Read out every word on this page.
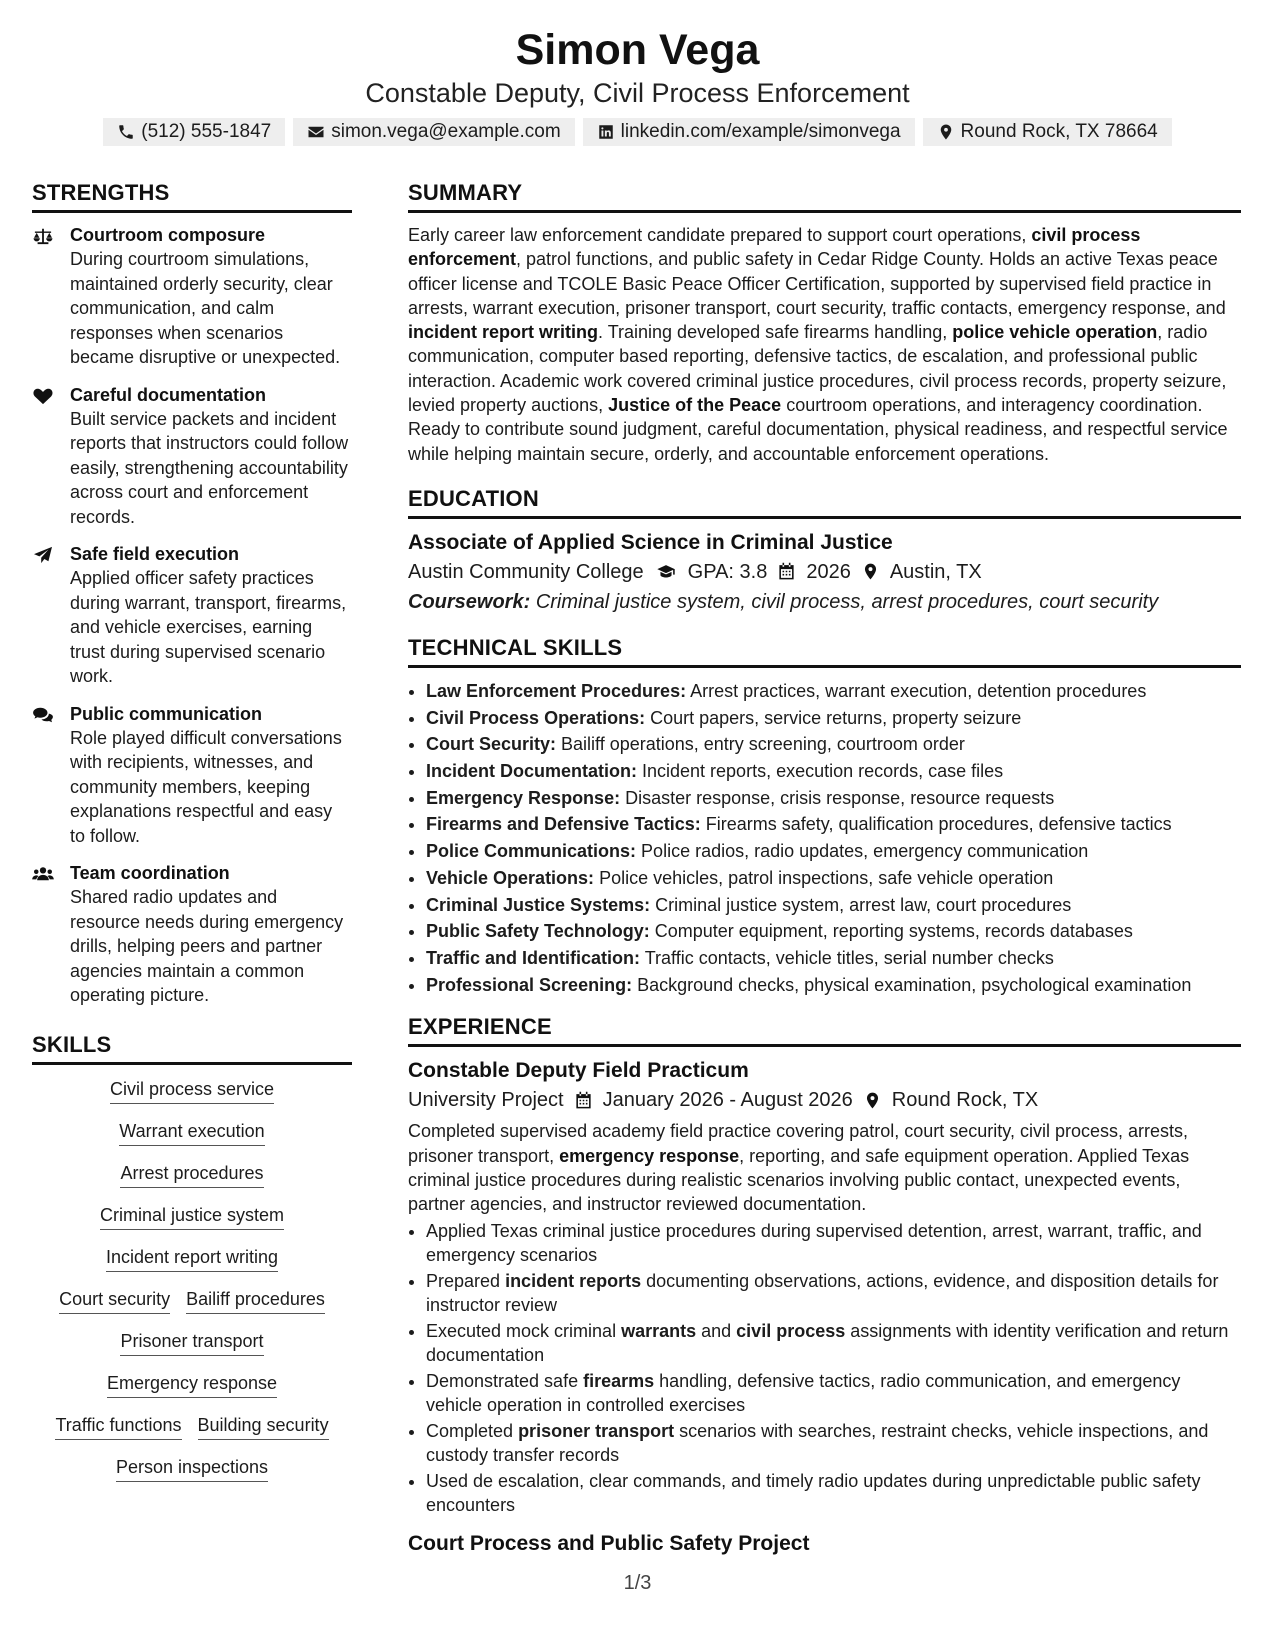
Simon Vega
Constable Deputy, Civil Process Enforcement
(512) 555-1847	simon.vega@example.com	linkedin.com/example/simonvega	Round Rock, TX 78664
STRENGTHS
Courtroom composure
During courtroom simulations, maintained orderly security, clear communication, and calm responses when scenarios became disruptive or unexpected.
Careful documentation
Built service packets and incident reports that instructors could follow easily, strengthening accountability across court and enforcement records.
Safe field execution
Applied officer safety practices during warrant, transport, firearms, and vehicle exercises, earning trust during supervised scenario work.
Public communication
Role played difficult conversations with recipients, witnesses, and community members, keeping explanations respectful and easy to follow.
Team coordination
Shared radio updates and resource needs during emergency drills, helping peers and partner agencies maintain a common operating picture.
SKILLS
Civil process service
Warrant execution
Arrest procedures
Criminal justice system
Incident report writing
Court security Bailiff procedures
Prisoner transport
Emergency response
Traffic functions Building security
Person inspections
SUMMARY
Early career law enforcement candidate prepared to support court operations, civil process enforcement, patrol functions, and public safety in Cedar Ridge County. Holds an active Texas peace officer license and TCOLE Basic Peace Officer Certification, supported by supervised field practice in arrests, warrant execution, prisoner transport, court security, traffic contacts, emergency response, and incident report writing. Training developed safe firearms handling, police vehicle operation, radio communication, computer based reporting, defensive tactics, de escalation, and professional public interaction. Academic work covered criminal justice procedures, civil process records, property seizure, levied property auctions, Justice of the Peace courtroom operations, and interagency coordination. Ready to contribute sound judgment, careful documentation, physical readiness, and respectful service while helping maintain secure, orderly, and accountable enforcement operations.
EDUCATION
Associate of Applied Science in Criminal Justice
Austin Community College GPA: 3.8 2026 Austin, TX
Coursework: Criminal justice system, civil process, arrest procedures, court security
TECHNICAL SKILLS
• Law Enforcement Procedures: Arrest practices, warrant execution, detention procedures
• Civil Process Operations: Court papers, service returns, property seizure
• Court Security: Bailiff operations, entry screening, courtroom order
• Incident Documentation: Incident reports, execution records, case files
• Emergency Response: Disaster response, crisis response, resource requests
• Firearms and Defensive Tactics: Firearms safety, qualification procedures, defensive tactics
• Police Communications: Police radios, radio updates, emergency communication
• Vehicle Operations: Police vehicles, patrol inspections, safe vehicle operation
• Criminal Justice Systems: Criminal justice system, arrest law, court procedures
• Public Safety Technology: Computer equipment, reporting systems, records databases
• Traffic and Identification: Traffic contacts, vehicle titles, serial number checks
• Professional Screening: Background checks, physical examination, psychological examination
EXPERIENCE
Constable Deputy Field Practicum
University Project January 2026 - August 2026 Round Rock, TX
Completed supervised academy field practice covering patrol, court security, civil process, arrests, prisoner transport, emergency response, reporting, and safe equipment operation. Applied Texas criminal justice procedures during realistic scenarios involving public contact, unexpected events, partner agencies, and instructor reviewed documentation.
• Applied Texas criminal justice procedures during supervised detention, arrest, warrant, traffic, and emergency scenarios
• Prepared incident reports documenting observations, actions, evidence, and disposition details for instructor review
• Executed mock criminal warrants and civil process assignments with identity verification and return documentation
• Demonstrated safe firearms handling, defensive tactics, radio communication, and emergency vehicle operation in controlled exercises
• Completed prisoner transport scenarios with searches, restraint checks, vehicle inspections, and custody transfer records
• Used de escalation, clear commands, and timely radio updates during unpredictable public safety encounters
Court Process and Public Safety Project
1/3
